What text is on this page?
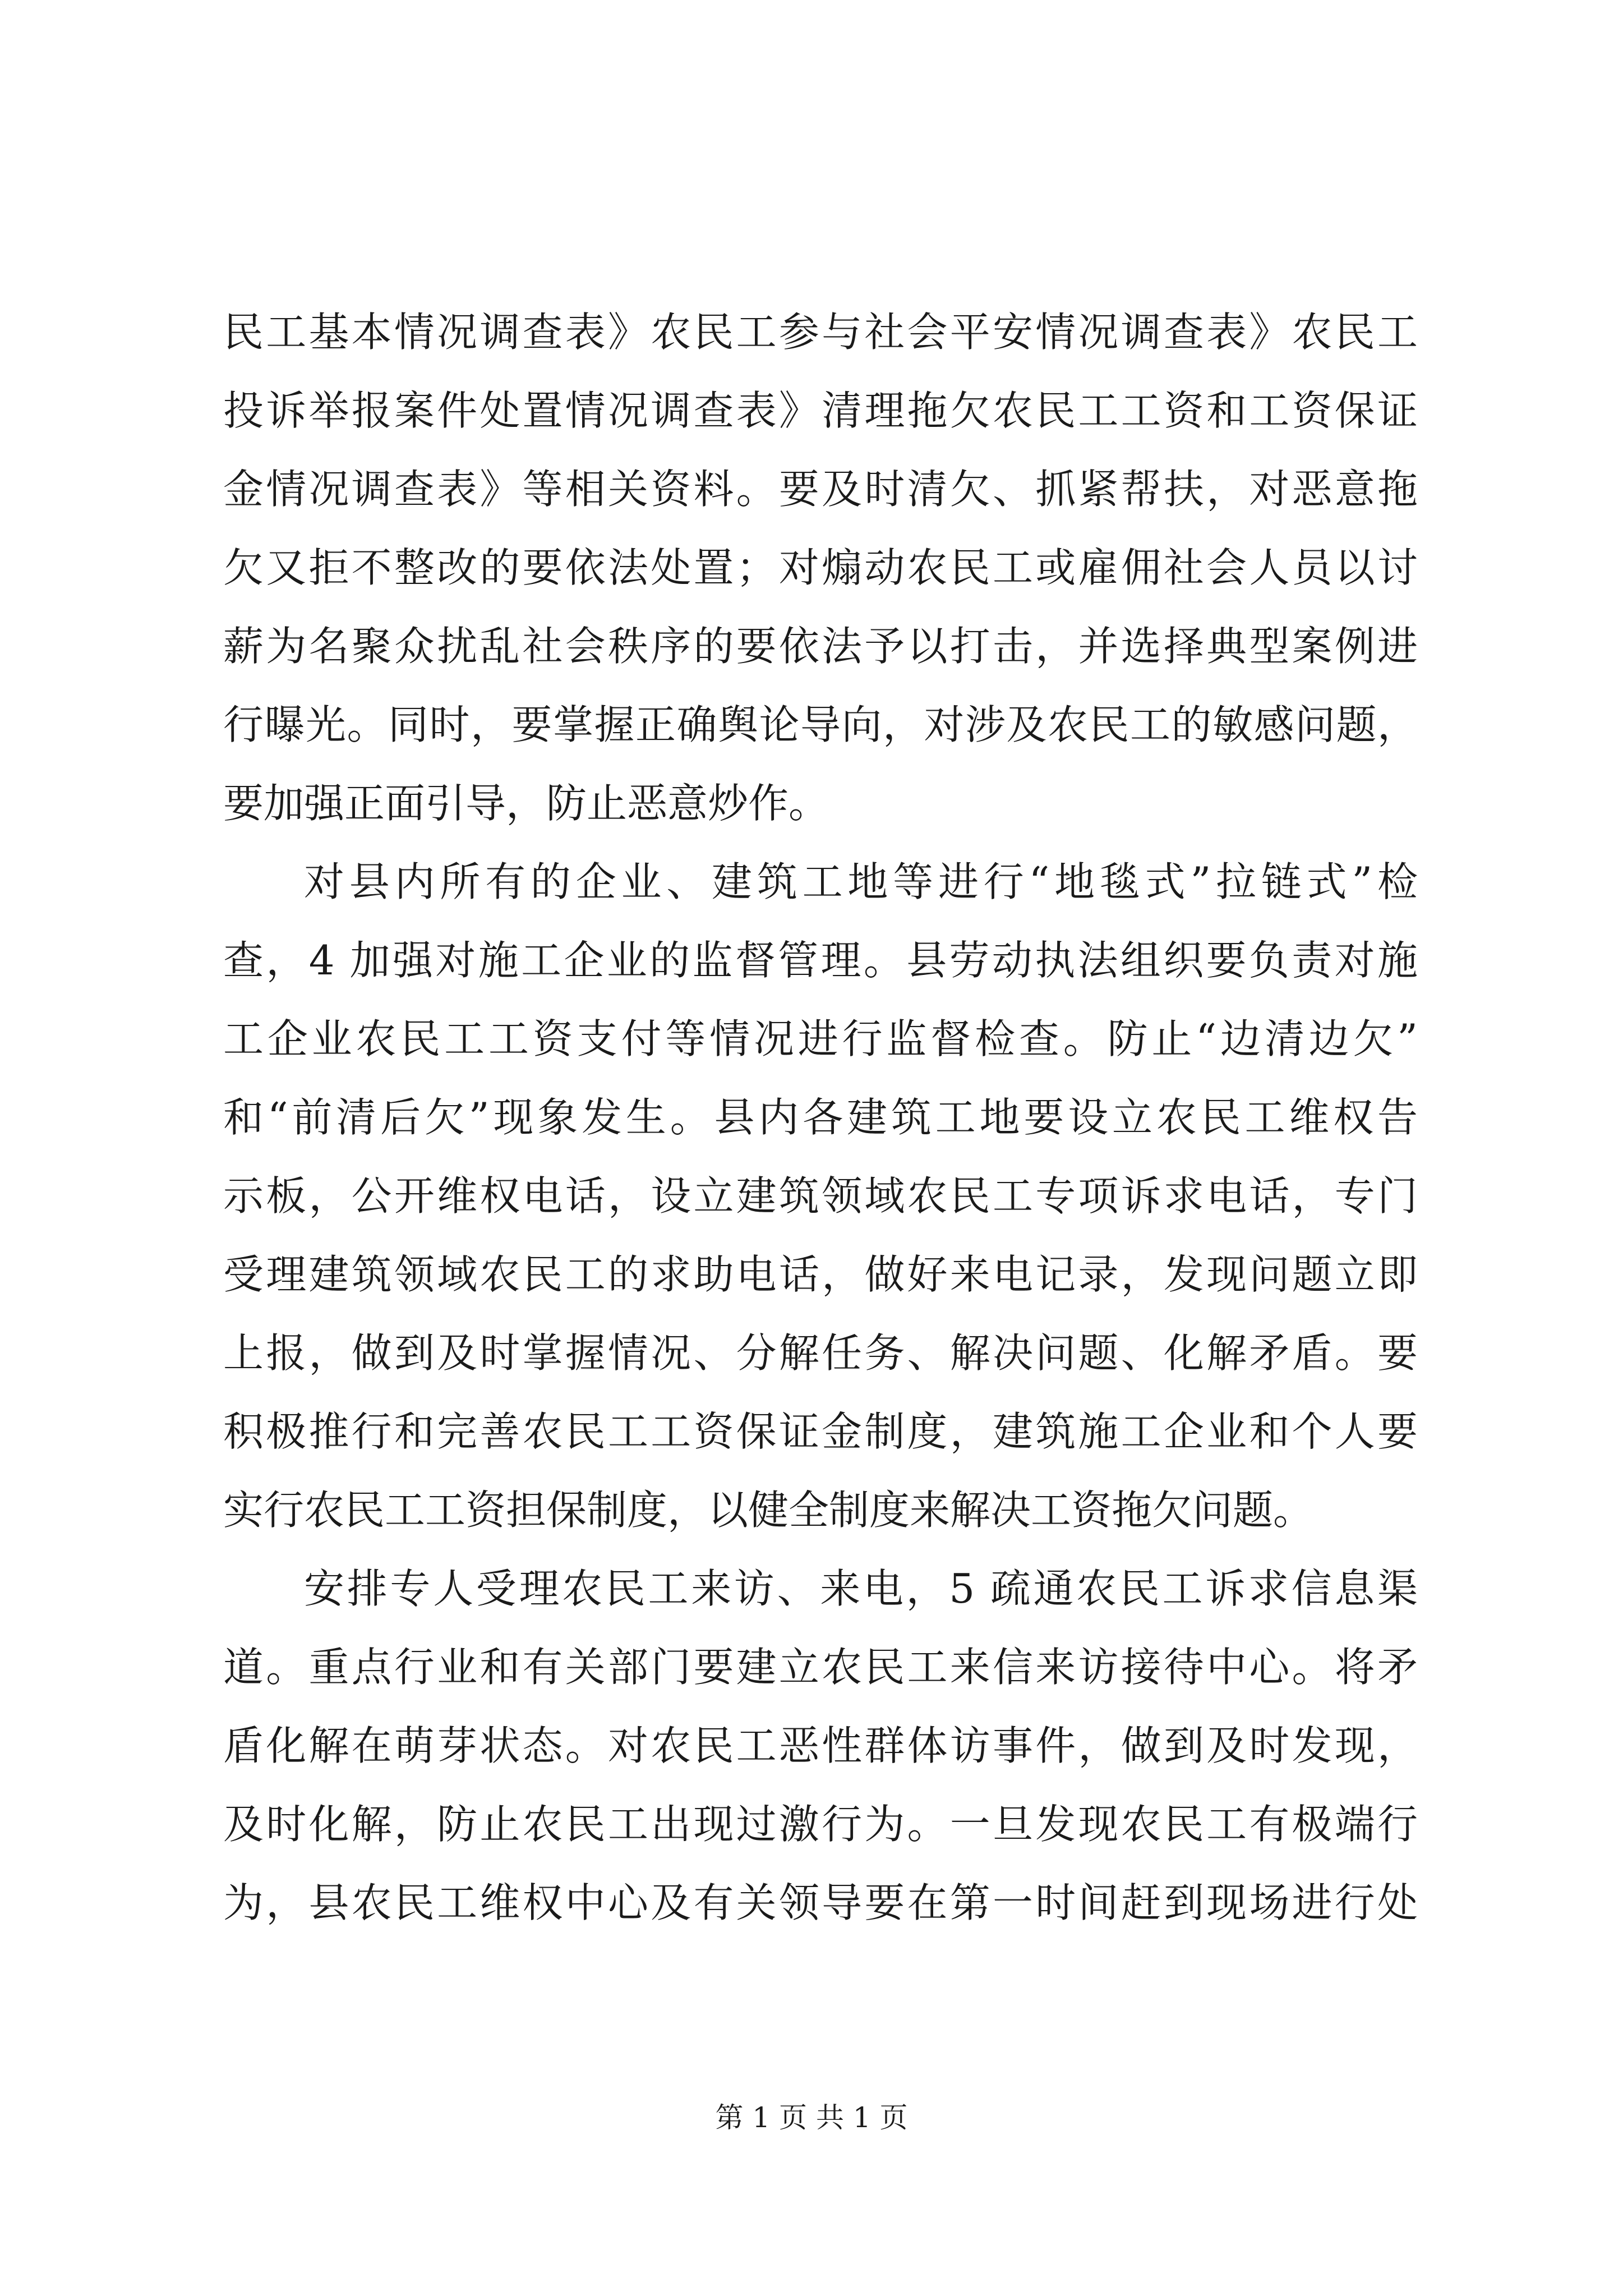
民工基本情况调查表》农民工参与社会平安情况调查表》农民工
投诉举报案件处置情况调查表》清理拖欠农民工工资和工资保证
金情况调查表》等相关资料。要及时清欠、抓紧帮扶，对恶意拖
欠又拒不整改的要依法处置；对煽动农民工或雇佣社会人员以讨
薪为名聚众扰乱社会秩序的要依法予以打击，并选择典型案例进
行曝光。同时，要掌握正确舆论导向，对涉及农民工的敏感问题，
要加强正面引导，防止恶意炒作。
对县内所有的企业、建筑工地等进行“地毯式”拉链式”检
查，4 加强对施工企业的监督管理。县劳动执法组织要负责对施
工企业农民工工资支付等情况进行监督检查。防止“边清边欠”
和“前清后欠”现象发生。县内各建筑工地要设立农民工维权告
示板，公开维权电话，设立建筑领域农民工专项诉求电话，专门
受理建筑领域农民工的求助电话，做好来电记录，发现问题立即
上报，做到及时掌握情况、分解任务、解决问题、化解矛盾。要
积极推行和完善农民工工资保证金制度，建筑施工企业和个人要
实行农民工工资担保制度，以健全制度来解决工资拖欠问题。
安排专人受理农民工来访、来电，5 疏通农民工诉求信息渠
道。重点行业和有关部门要建立农民工来信来访接待中心。将矛
盾化解在萌芽状态。对农民工恶性群体访事件，做到及时发现，
及时化解，防止农民工出现过激行为。一旦发现农民工有极端行
为，县农民工维权中心及有关领导要在第一时间赶到现场进行处
第 1 页 共 1 页
